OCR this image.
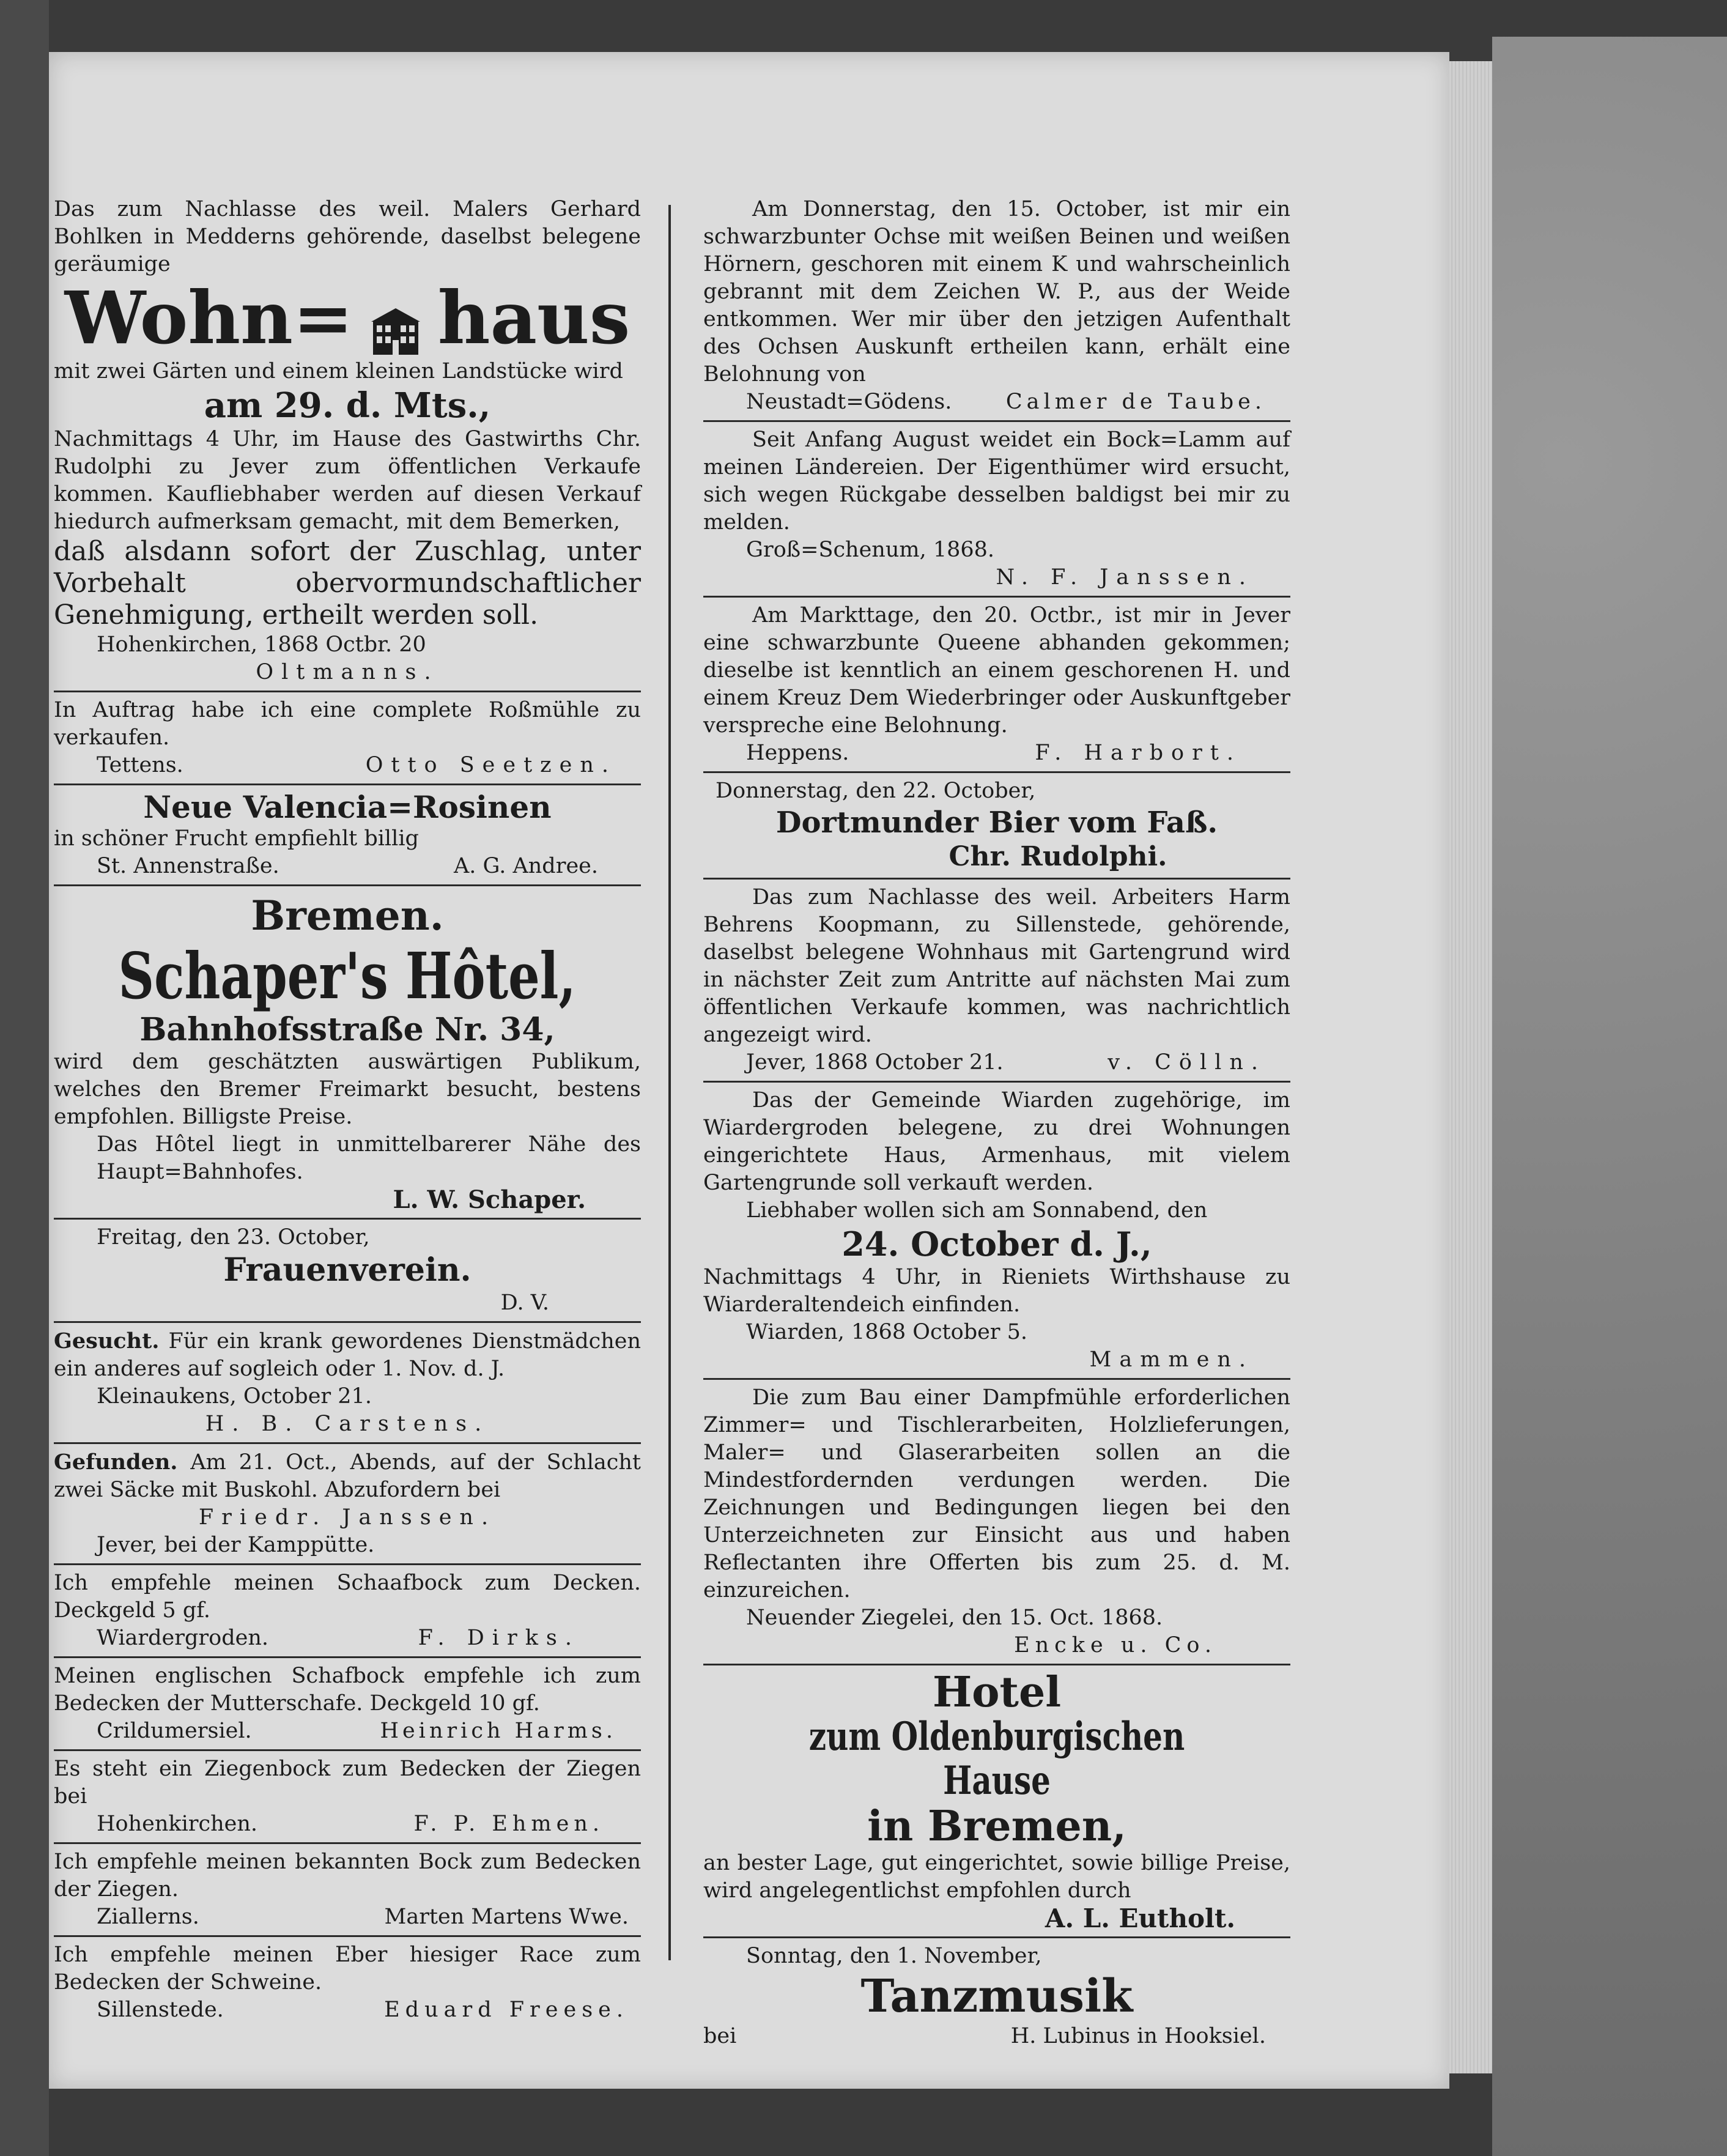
Das zum Nachlasse des weil. Malers Gerhard Bohlken in Medderns gehörende, daselbst belegene geräumige

Wohn= haus

mit zwei Gärten und einem kleinen Landstücke wird

am 29. d. Mts.,

Nachmittags 4 Uhr, im Hause des Gastwirths Chr. Rudolphi zu Jever zum öffentlichen Verkaufe kommen. Kaufliebhaber werden auf diesen Verkauf hiedurch aufmerksam gemacht, mit dem Bemerken,

daß alsdann sofort der Zuschlag, unter Vorbehalt obervormundschaftlicher Genehmigung, ertheilt werden soll.

Hohenkirchen, 1868 Octbr. 20

Oltmanns.

In Auftrag habe ich eine complete Roßmühle zu verkaufen.

Tettens.	Otto Seetzen.

Neue Valencia=Rosinen

in schöner Frucht empfiehlt billig

St. Annenstraße.	A. G. Andree.

Bremen.

Schaper's Hôtel,

Bahnhofsstraße Nr. 34,

wird dem geschätzten auswärtigen Publikum, welches den Bremer Freimarkt besucht, bestens empfohlen. Billigste Preise.

Das Hôtel liegt in unmittelbarerer Nähe des Haupt=Bahnhofes.

L. W. Schaper.

Freitag, den 23. October,

Frauenverein.

D. V.

Gesucht. Für ein krank gewordenes Dienstmädchen ein anderes auf sogleich oder 1. Nov. d. J.

Kleinaukens, October 21.

H. B. Carstens.

Gefunden. Am 21. Oct., Abends, auf der Schlacht zwei Säcke mit Buskohl. Abzufordern bei

Friedr. Janssen.

Jever, bei der Kamppütte.

Ich empfehle meinen Schaafbock zum Decken. Deckgeld 5 gf.

Wiardergroden.	F. Dirks.

Meinen englischen Schafbock empfehle ich zum Bedecken der Mutterschafe. Deckgeld 10 gf.

Crildumersiel.	Heinrich Harms.

Es steht ein Ziegenbock zum Bedecken der Ziegen bei

Hohenkirchen.	F. P. Ehmen.

Ich empfehle meinen bekannten Bock zum Bedecken der Ziegen.

Ziallerns.	Marten Martens Wwe.

Ich empfehle meinen Eber hiesiger Race zum Bedecken der Schweine.

Sillenstede.	Eduard Freese.

Am Donnerstag, den 15. October, ist mir ein schwarzbunter Ochse mit weißen Beinen und weißen Hörnern, geschoren mit einem K und wahrscheinlich gebrannt mit dem Zeichen W. P., aus der Weide entkommen. Wer mir über den jetzigen Aufenthalt des Ochsen Auskunft ertheilen kann, erhält eine Belohnung von

Neustadt=Gödens.	Calmer de Taube.

Seit Anfang August weidet ein Bock=Lamm auf meinen Ländereien. Der Eigenthümer wird ersucht, sich wegen Rückgabe desselben baldigst bei mir zu melden.

Groß=Schenum, 1868.

N. F. Janssen.

Am Markttage, den 20. Octbr., ist mir in Jever eine schwarzbunte Queene abhanden gekommen; dieselbe ist kenntlich an einem geschorenen H. und einem Kreuz Dem Wiederbringer oder Auskunftgeber verspreche eine Belohnung.

Heppens.	F. Harbort.

Donnerstag, den 22. October,

Dortmunder Bier vom Faß.

Chr. Rudolphi.

Das zum Nachlasse des weil. Arbeiters Harm Behrens Koopmann, zu Sillenstede, gehörende, daselbst belegene Wohnhaus mit Gartengrund wird in nächster Zeit zum Antritte auf nächsten Mai zum öffentlichen Verkaufe kommen, was nachrichtlich angezeigt wird.

Jever, 1868 October 21.	v. Cölln.

Das der Gemeinde Wiarden zugehörige, im Wiardergroden belegene, zu drei Wohnungen eingerichtete Haus, Armenhaus, mit vielem Gartengrunde soll verkauft werden.

Liebhaber wollen sich am Sonnabend, den

24. October d. J.,

Nachmittags 4 Uhr, in Rieniets Wirthshause zu Wiarderaltendeich einfinden.

Wiarden, 1868 October 5.

Mammen.

Die zum Bau einer Dampfmühle erforderlichen Zimmer= und Tischlerarbeiten, Holzlieferungen, Maler= und Glaserarbeiten sollen an die Mindestfordernden verdungen werden. Die Zeichnungen und Bedingungen liegen bei den Unterzeichneten zur Einsicht aus und haben Reflectanten ihre Offerten bis zum 25. d. M. einzureichen.

Neuender Ziegelei, den 15. Oct. 1868.

Encke u. Co.

Hotel

zum Oldenburgischen Hause

in Bremen,

an bester Lage, gut eingerichtet, sowie billige Preise, wird angelegentlichst empfohlen durch

A. L. Eutholt.

Sonntag, den 1. November,

Tanzmusik

bei	H. Lubinus in Hooksiel.
